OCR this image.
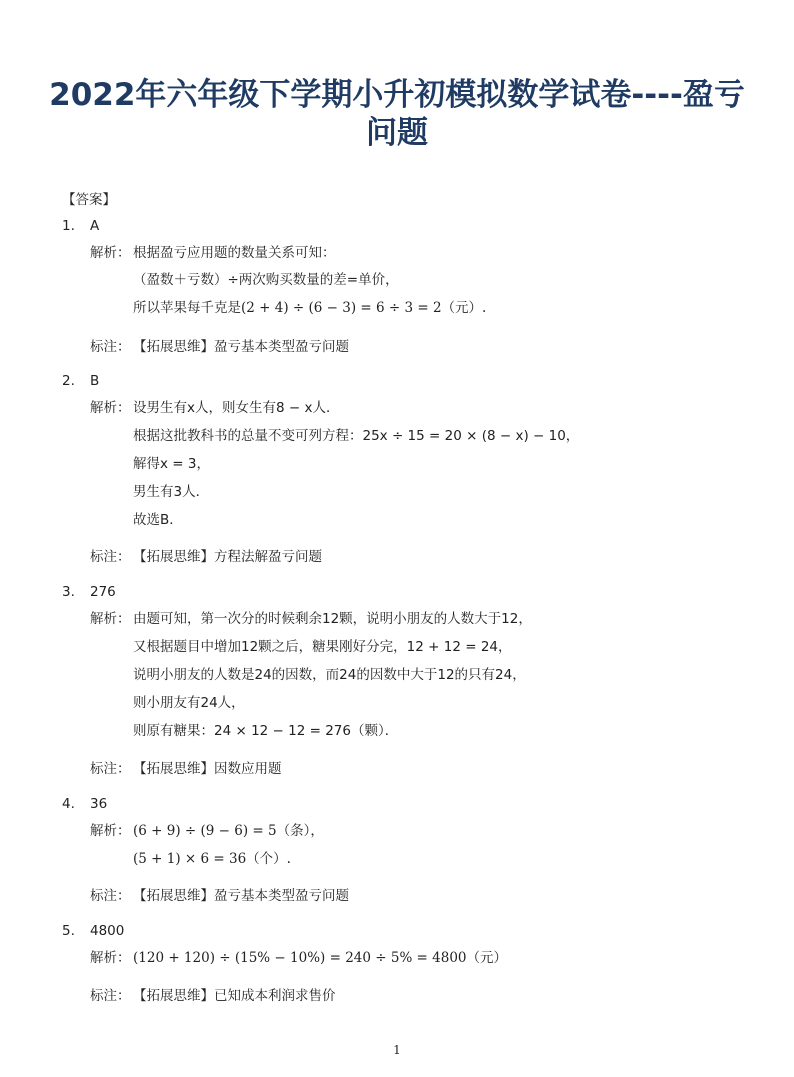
2022年六年级下学期小升初模拟数学试卷----盈亏
问题
【答案】
1. A
解析： 根据盈亏应用题的数量关系可知：
（盈数＋亏数）÷两次购买数量的差=单价，
所以苹果每千克是(2 + 4) ÷ (6 − 3) = 6 ÷ 3 = 2（元）.
标注： 【拓展思维】盈亏基本类型盈亏问题
2. B
解析： 设男生有x人，则女生有8 − x人．
根据这批教科书的总量不变可列方程：25x ÷ 15 = 20 × (8 − x) − 10，
解得x = 3，
男生有3人．
故选B．
标注： 【拓展思维】方程法解盈亏问题
3. 276
解析： 由题可知，第一次分的时候剩余12颗，说明小朋友的人数大于12，
又根据题目中增加12颗之后，糖果刚好分完，12 + 12 = 24，
说明小朋友的人数是24的因数，而24的因数中大于12的只有24，
则小朋友有24人，
则原有糖果：24 × 12 − 12 = 276（颗）．
标注： 【拓展思维】因数应用题
4. 36
解析： (6 + 9) ÷ (9 − 6) = 5（条），
(5 + 1) × 6 = 36（个）.
标注： 【拓展思维】盈亏基本类型盈亏问题
5. 4800
解析： (120 + 120) ÷ (15% − 10%) = 240 ÷ 5% = 4800（元）
标注： 【拓展思维】已知成本利润求售价
1
